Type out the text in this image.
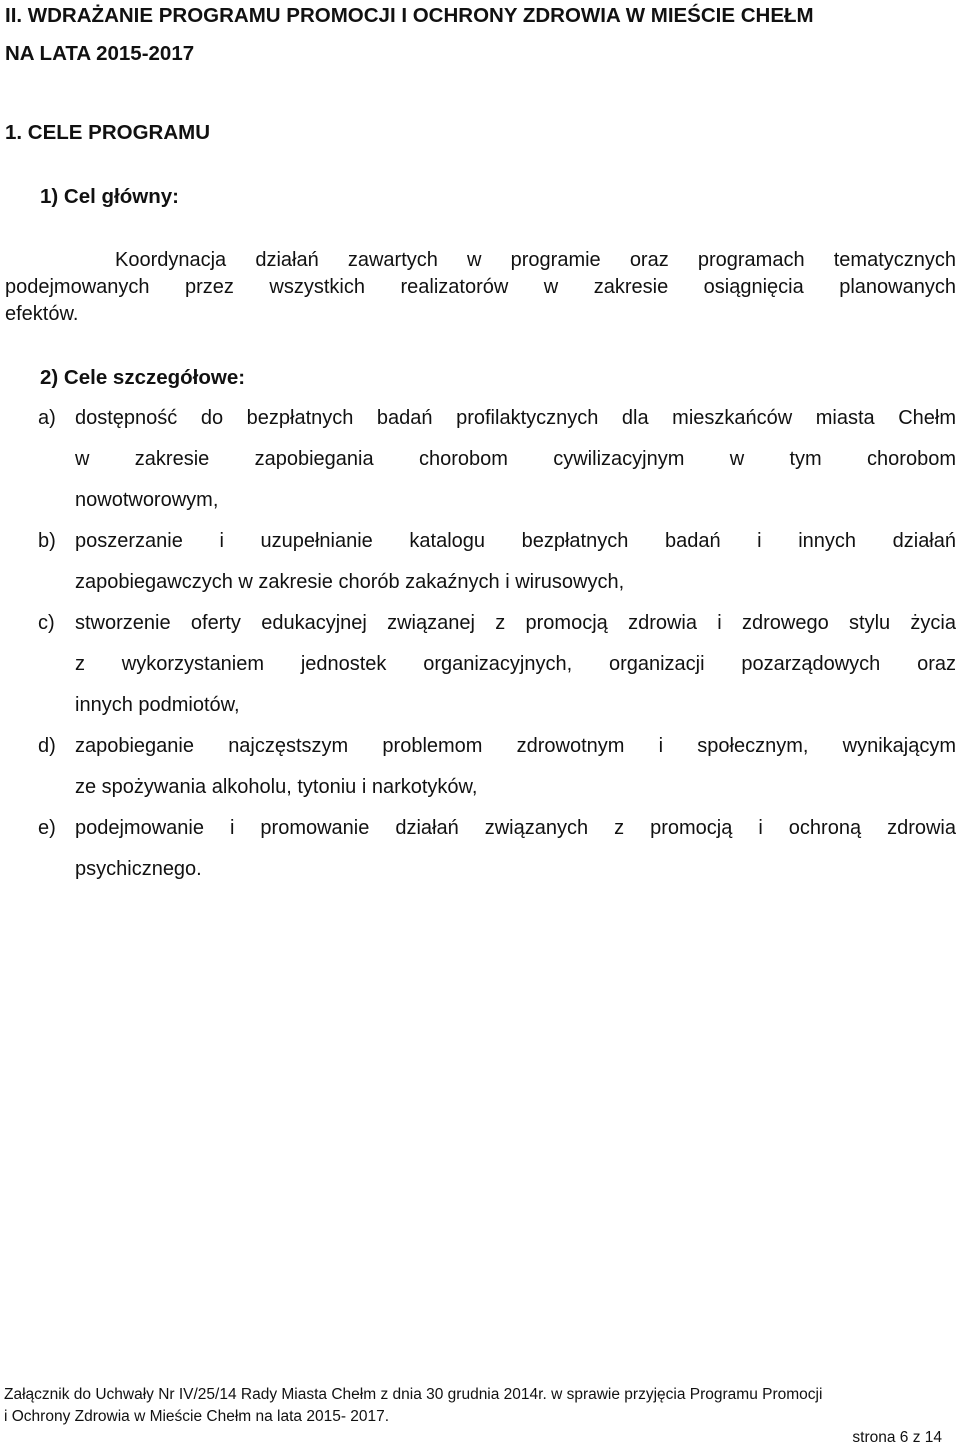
II. WDRAŻANIE PROGRAMU PROMOCJI I OCHRONY ZDROWIA W MIEŚCIE CHEŁM
NA LATA 2015-2017
1. CELE PROGRAMU
1) Cel główny:
Koordynacja działań zawartych w programie oraz programach tematycznych
podejmowanych przez wszystkich realizatorów w zakresie osiągnięcia planowanych
efektów.
2) Cele szczegółowe:
a) dostępność do bezpłatnych badań profilaktycznych dla mieszkańców miasta Chełm
w zakresie zapobiegania chorobom cywilizacyjnym w tym chorobom
nowotworowym,
b) poszerzanie i uzupełnianie katalogu bezpłatnych badań i innych działań
zapobiegawczych w zakresie chorób zakaźnych i wirusowych,
c) stworzenie oferty edukacyjnej związanej z promocją zdrowia i zdrowego stylu życia
z wykorzystaniem jednostek organizacyjnych, organizacji pozarządowych oraz
innych podmiotów,
d) zapobieganie najczęstszym problemom zdrowotnym i społecznym, wynikającym
ze spożywania alkoholu, tytoniu i narkotyków,
e) podejmowanie i promowanie działań związanych z promocją i ochroną zdrowia
psychicznego.
Załącznik do Uchwały Nr IV/25/14 Rady Miasta Chełm z dnia 30 grudnia 2014r. w sprawie przyjęcia Programu Promocji
i Ochrony Zdrowia w Mieście Chełm na lata 2015- 2017.
strona 6 z 14
